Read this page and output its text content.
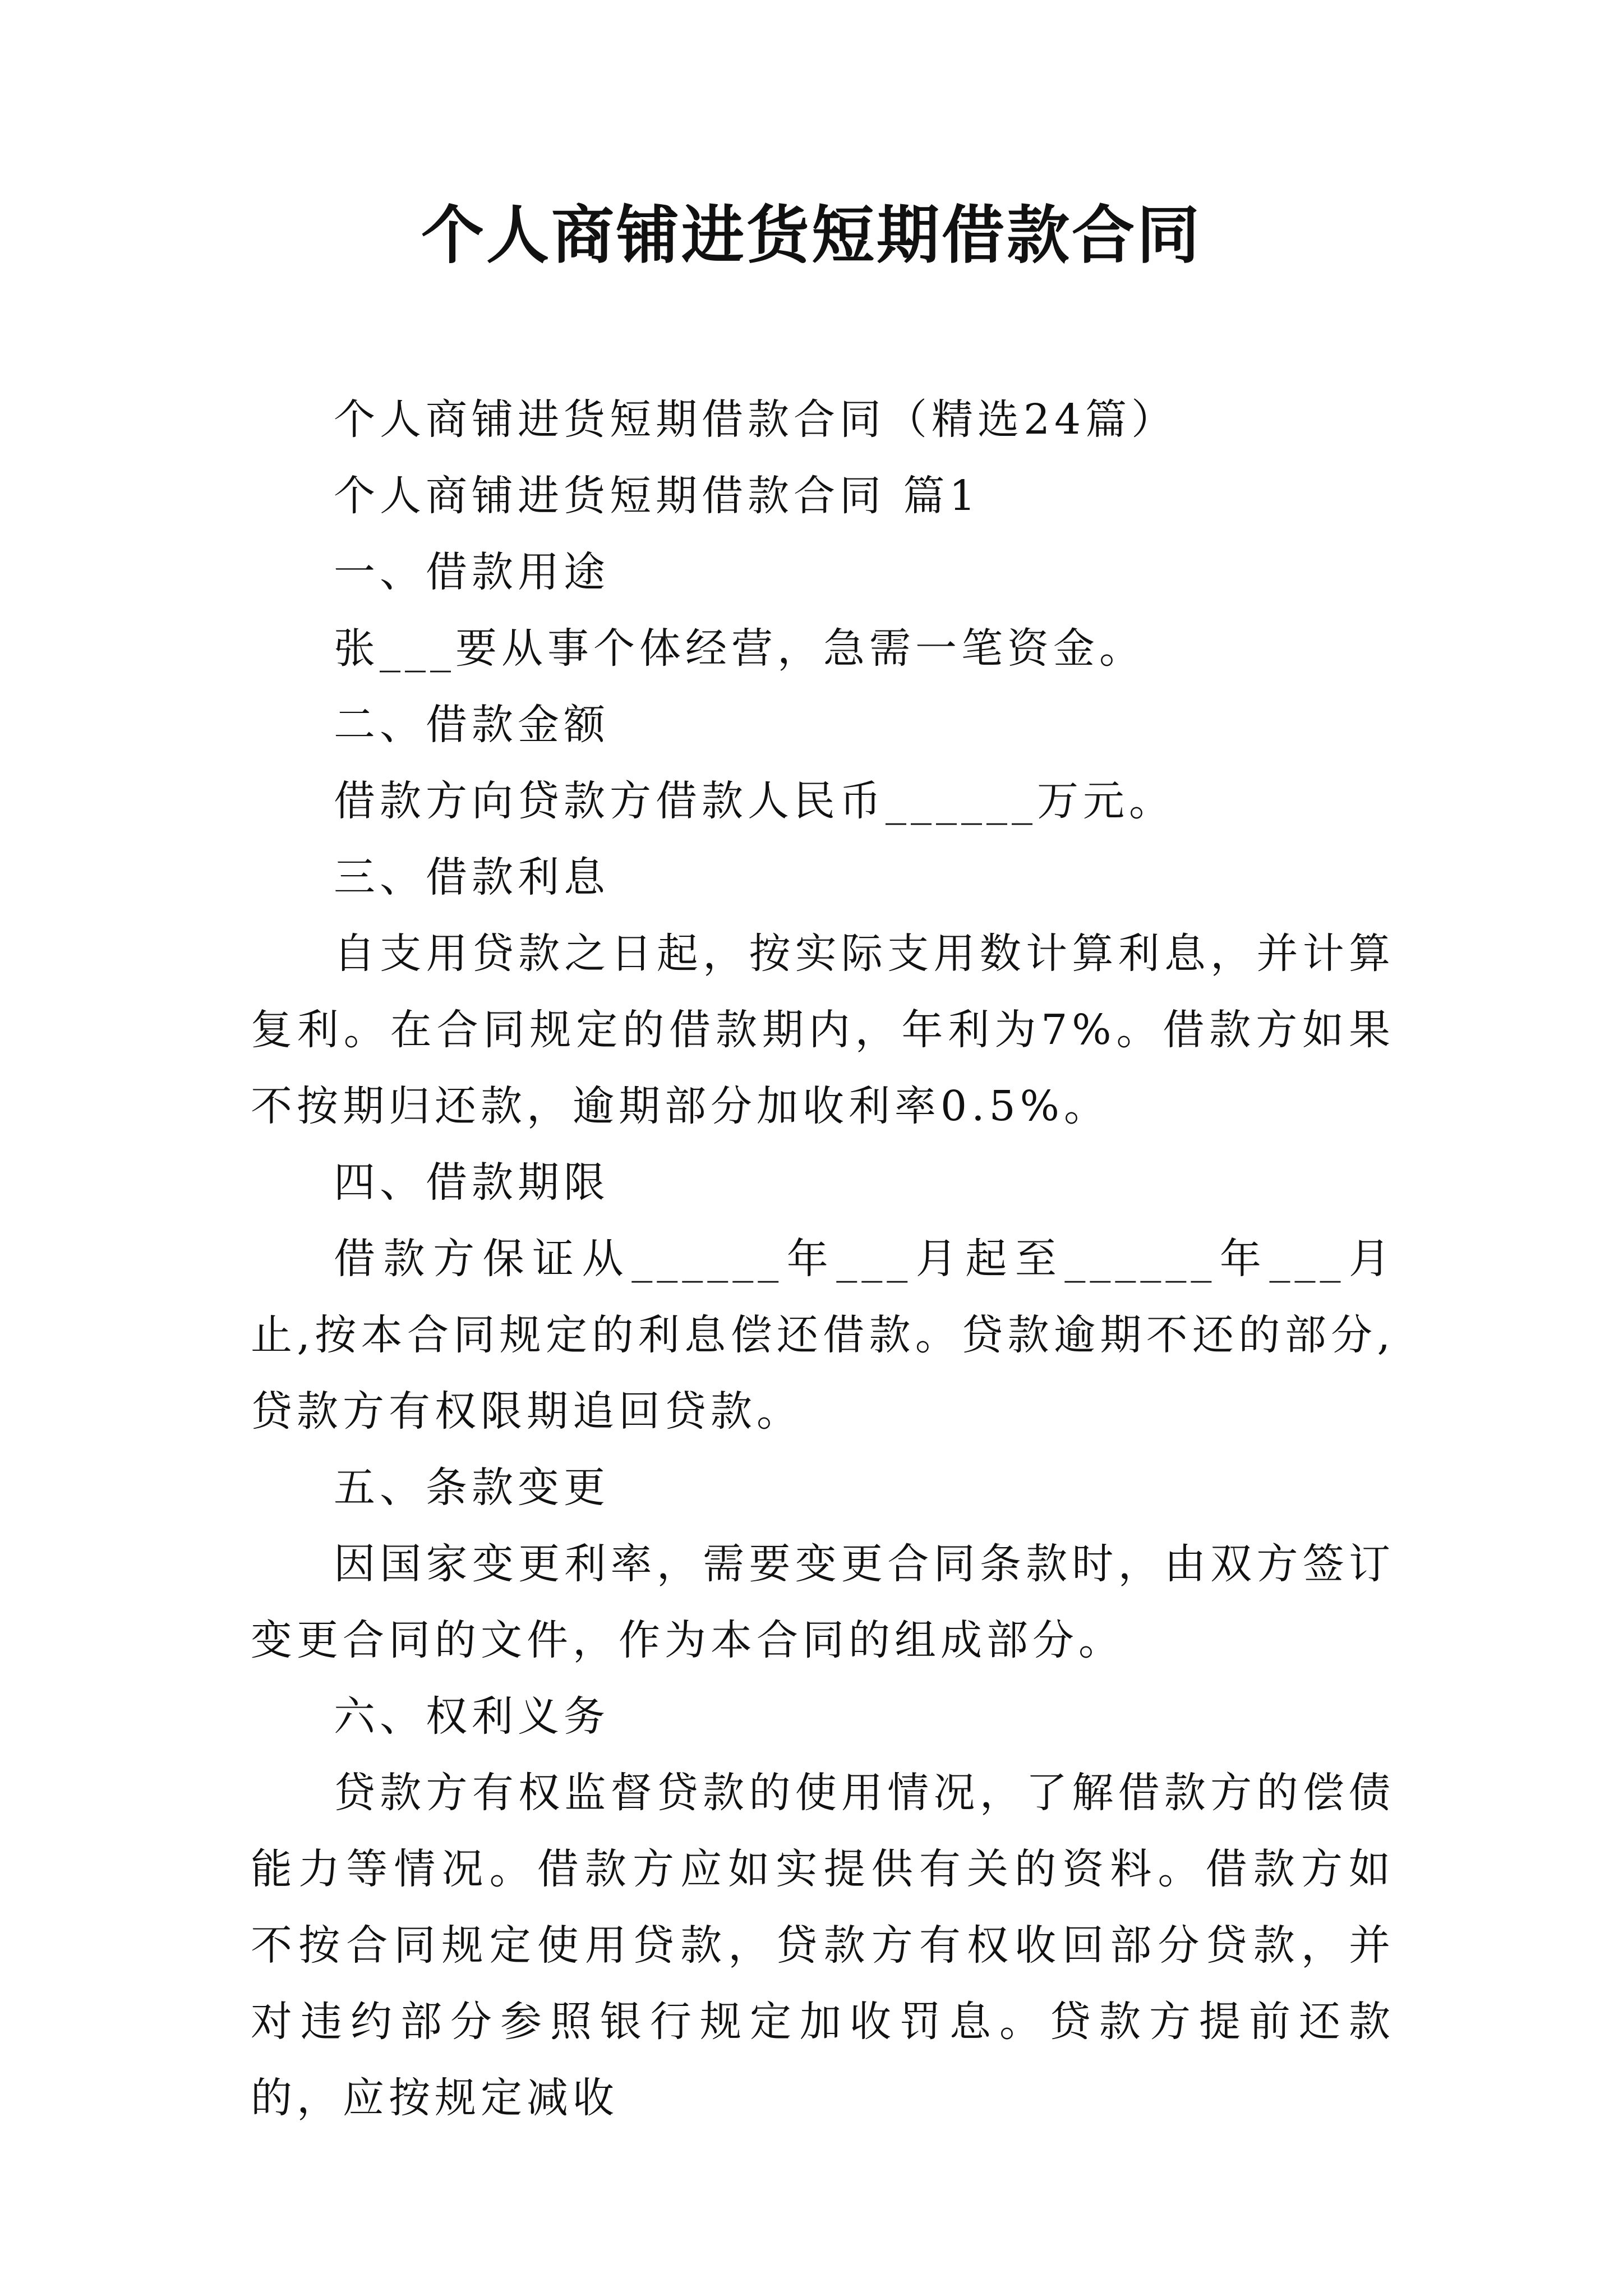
个人商铺进货短期借款合同

个人商铺进货短期借款合同（精选24篇）

个人商铺进货短期借款合同 篇1

一、借款用途

张___要从事个体经营，急需一笔资金。

二、借款金额

借款方向贷款方借款人民币______万元。

三、借款利息

自支用贷款之日起，按实际支用数计算利息，并计算复利。在合同规定的借款期内，年利为7%。借款方如果不按期归还款，逾期部分加收利率0.5%。

四、借款期限

借款方保证从______年___月起至______年___月止,按本合同规定的利息偿还借款。贷款逾期不还的部分,贷款方有权限期追回贷款。

五、条款变更

因国家变更利率，需要变更合同条款时，由双方签订变更合同的文件，作为本合同的组成部分。

六、权利义务

贷款方有权监督贷款的使用情况，了解借款方的偿债能力等情况。借款方应如实提供有关的资料。借款方如不按合同规定使用贷款，贷款方有权收回部分贷款，并对违约部分参照银行规定加收罚息。贷款方提前还款的，应按规定减收
